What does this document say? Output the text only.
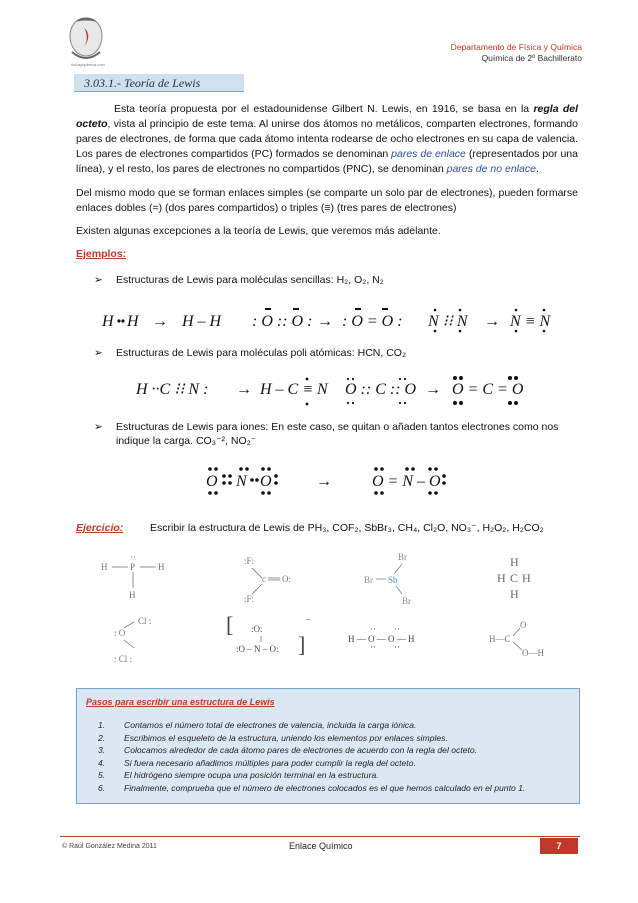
fisicayquimica.com
Departamento de Física y Química
Química de 2º Bachillerato
3.03.1.- Teoría de Lewis
Esta teoría propuesta por el estadounidense Gilbert N. Lewis, en 1916, se basa en la regla del octeto, vista al principio de este tema. Al unirse dos átomos no metálicos, comparten electrones, formando pares de electrones, de forma que cada átomo intenta rodearse de ocho electrones en su capa de valencia. Los pares de electrones compartidos (PC) formados se denominan pares de enlace (representados por una línea), y el resto, los pares de electrones no compartidos (PNC), se denominan pares de no enlace.
Del mismo modo que se forman enlaces simples (se comparte un solo par de electrones), pueden formarse enlaces dobles (=) (dos pares compartidos) o triples (≡) (tres pares de electrones)
Existen algunas excepciones a la teoría de Lewis, que veremos más adelante.
Ejemplos:
➢ Estructuras de Lewis para moléculas sencillas: H₂, O₂, N₂
H H → H – H : O :: O : → : O = O : N ⁝⁝ N → N ≡ N
➢ Estructuras de Lewis para moléculas poli atómicas: HCN, CO₂
H ··C ⁝⁝ N : → H – C ≡ N O :: C :: O → O = C = O
➢ Estructuras de Lewis para iones: En este caso, se quitan o añaden tantos electrones como nos indique la carga. CO₃⁻², NO₂⁻
O N O	→	O = N – O
Ejercicio:	Escribir la estructura de Lewis de PH₃, COF₂, SbBr₃, CH₄, Cl₂O, NO₃⁻, H₂O₂, H₂CO₂
H	P	H
H
··	:F:
c O:
:F:
Br
Br Sb
Br
H
H C H
H
Cl :
: O
: Cl :
[ :O:
:O – N – O: ]
–
H — O — O — H
·· ··
·· ··
H—C
O
O—H
Pasos para escribir una estructura de Lewis
1. Contamos el número total de electrones de valencia, incluida la carga iónica.
2. Escribimos el esqueleto de la estructura, uniendo los elementos por enlaces simples.
3. Colocamos alrededor de cada átomo pares de electrones de acuerdo con la regla del octeto.
4. Si fuera necesario añadimos múltiples para poder cumplir la regla del octeto.
5. El hidrógeno siempre ocupa una posición terminal en la estructura.
6. Finalmente, comprueba que el número de electrones colocados es el que hemos calculado en el punto 1.
© Raúl González Medina 2011	Enlace Químico	7
